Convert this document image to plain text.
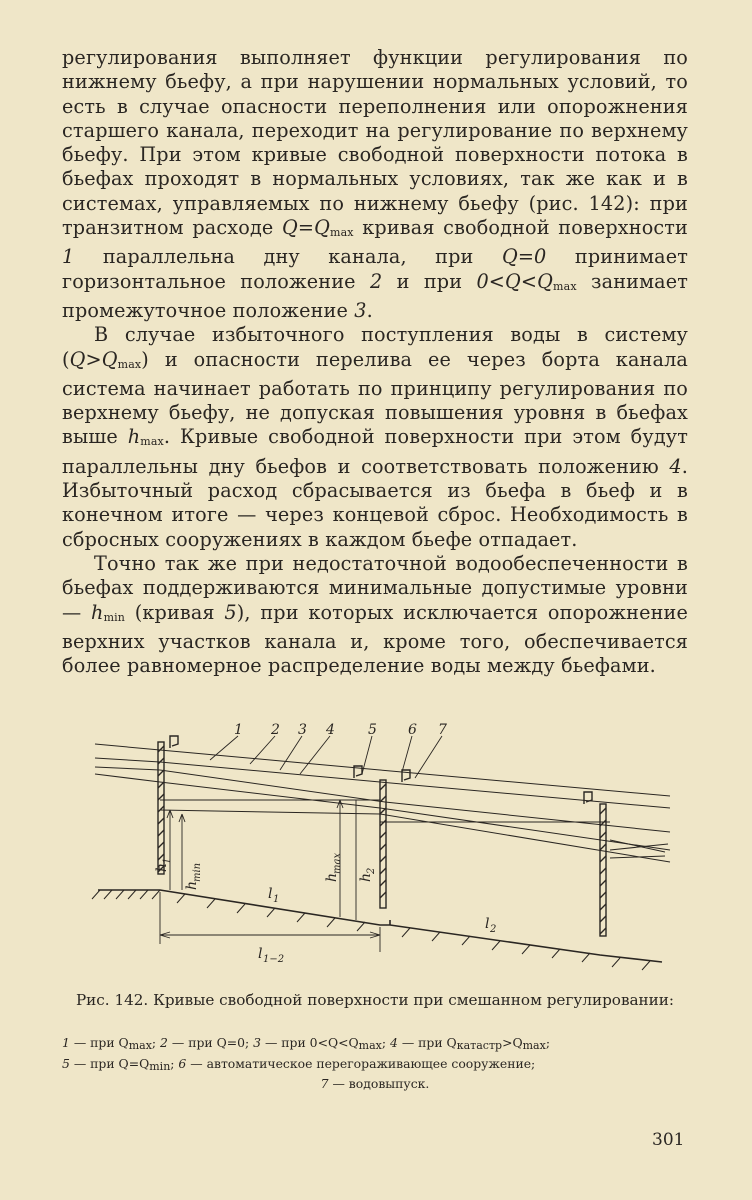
регулирования выполняет функции регулирования по нижнему бьефу, а при нарушении нормальных условий, то есть в случае опасности переполнения или опорожнения старшего канала, переходит на регулирование по верхнему бьефу. При этом кривые свободной поверхности потока в бьефах проходят в нормальных условиях, так же как и в системах, управляемых по нижнему бьефу (рис. 142): при транзитном расходе $Q=Q_{max}$ кривая свободной поверхности 1 параллельна дну канала, при Q=0 принимает горизонтальное положение 2 и при $0<Q<Q_{max}$ занимает промежуточное положение 3.

В случае избыточного поступления воды в систему $(Q>Q_{max})$ и опасности перелива ее через борта канала система начинает работать по принципу регулирования по верхнему бьефу, не допуская повышения уровня в бьефах выше $h_{max}$. Кривые свободной поверхности при этом будут параллельны дну бьефов и соответствовать положению 4. Избыточный расход сбрасывается из бьефа в бьеф и в конечном итоге — через концевой сброс. Необходимость в сбросных сооружениях в каждом бьефе отпадает.

Точно так же при недостаточной водообеспеченности в бьефах поддерживаются минимальные допустимые уровни — $h_{min}$ (кривая 5), при которых исключается опорожнение верхних участков канала и, кроме того, обеспечивается более равномерное распределение воды между бьефами.

1 2 3 4 5 6 7
h
1
h
min	h
max
h
2
l 1
l 2
l 1−2
Рис. 142. Кривые свободной поверхности при смешанном регулировании:
1 — при $Q_{max}$; 2 — при Q=0; 3 — при $0<Q<Q_{max}$; 4 — при $Q_{катастр}>Q_{max}$;
5 — при $Q=Q_{min}$; 6 — автоматическое перегораживающее сооружение;
7 — водовыпуск.
301
